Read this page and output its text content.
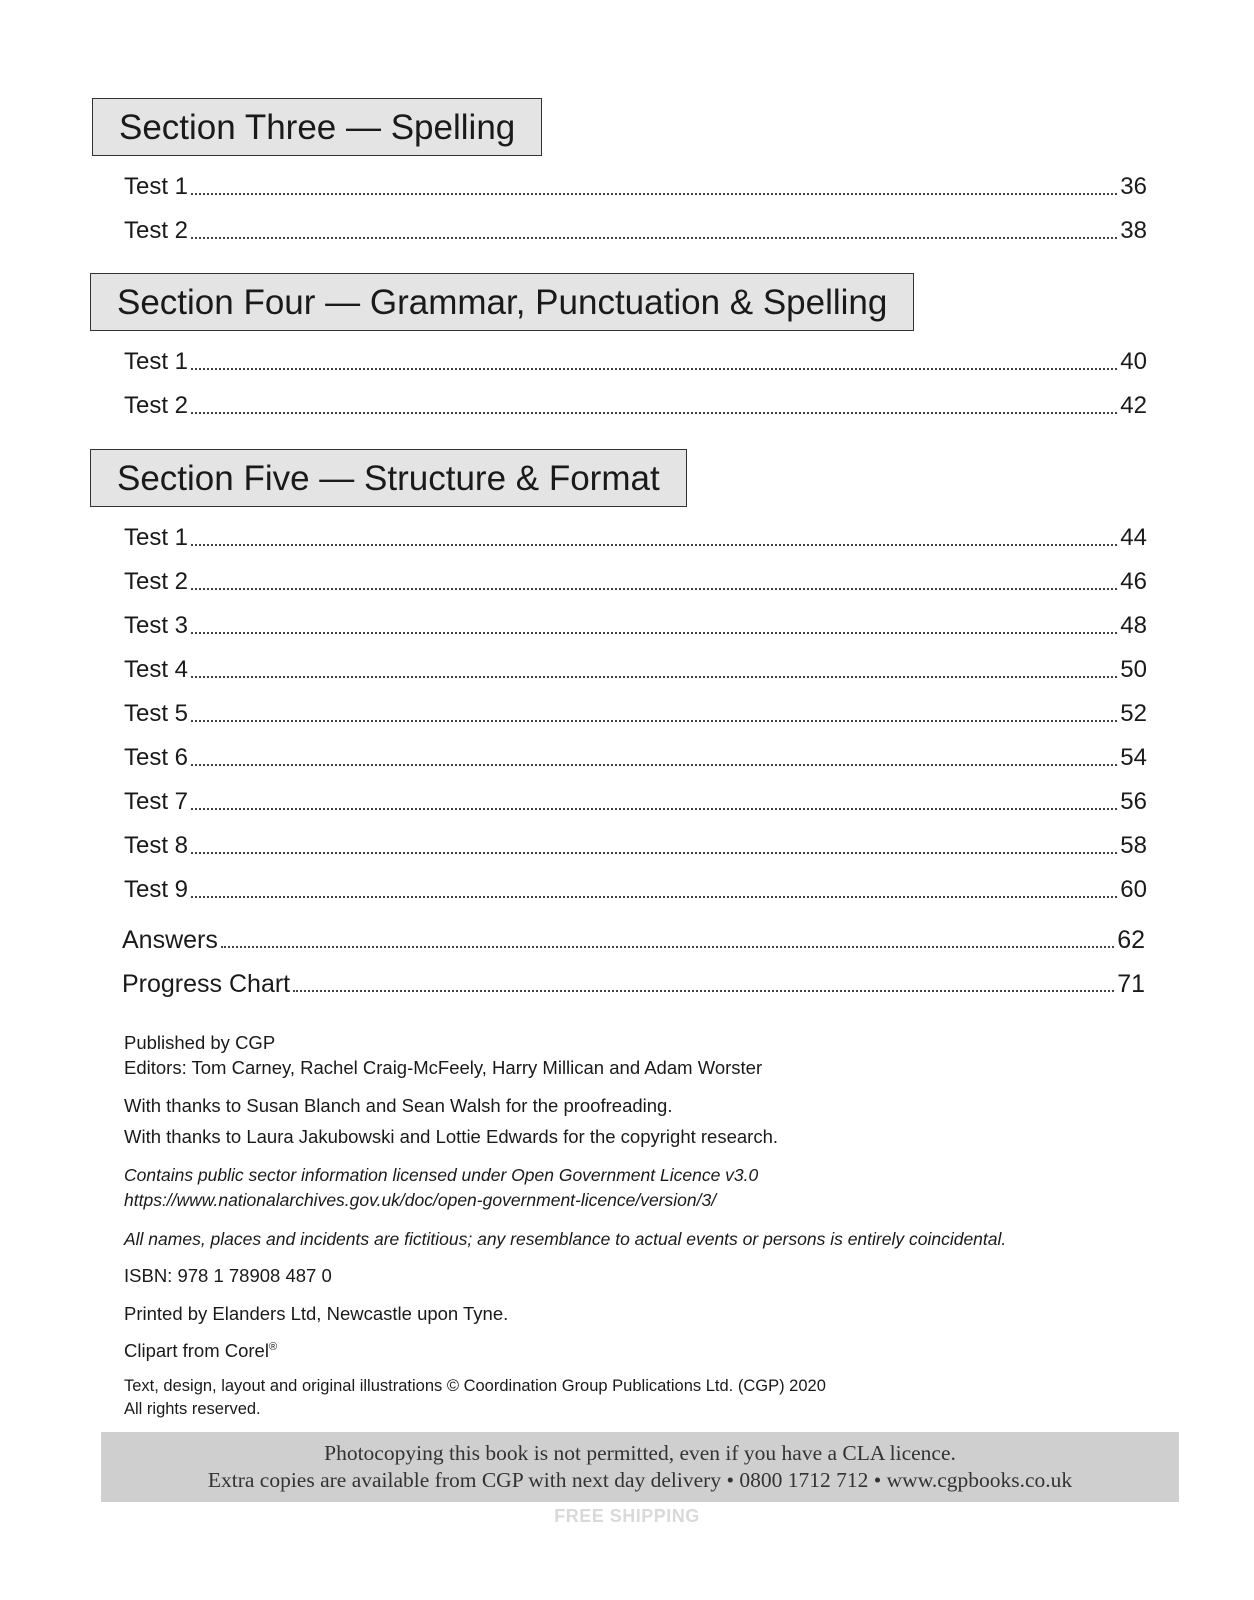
Section Three — Spelling
Test 1	36
Test 2	38
Section Four — Grammar, Punctuation & Spelling
Test 1	40
Test 2	42
Section Five — Structure & Format
Test 1	44
Test 2	46
Test 3	48
Test 4	50
Test 5	52
Test 6	54
Test 7	56
Test 8	58
Test 9	60
Answers	62
Progress Chart	71
Published by CGP
Editors: Tom Carney, Rachel Craig-McFeely, Harry Millican and Adam Worster
With thanks to Susan Blanch and Sean Walsh for the proofreading.
With thanks to Laura Jakubowski and Lottie Edwards for the copyright research.
Contains public sector information licensed under Open Government Licence v3.0
https://www.nationalarchives.gov.uk/doc/open-government-licence/version/3/
All names, places and incidents are fictitious; any resemblance to actual events or persons is entirely coincidental.
ISBN: 978 1 78908 487 0
Printed by Elanders Ltd, Newcastle upon Tyne.
Clipart from Corel®
Text, design, layout and original illustrations © Coordination Group Publications Ltd. (CGP) 2020
All rights reserved.
Photocopying this book is not permitted, even if you have a CLA licence.
Extra copies are available from CGP with next day delivery • 0800 1712 712 • www.cgpbooks.co.uk
FREE SHIPPING
